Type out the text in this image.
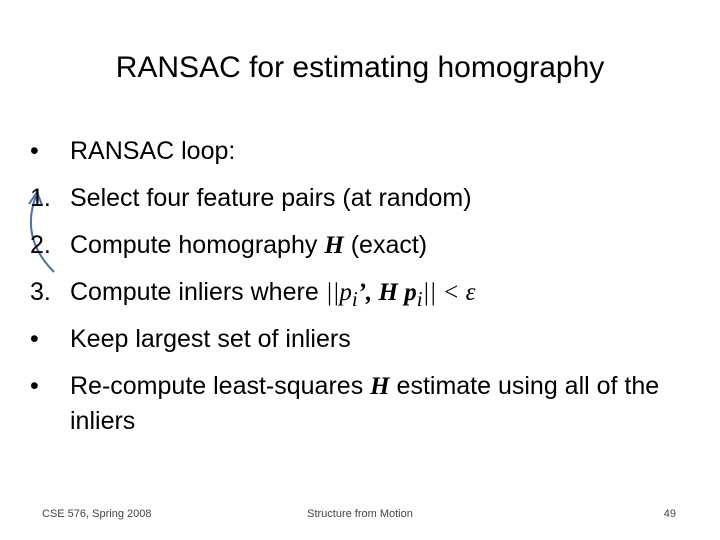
RANSAC for estimating homography
•	RANSAC loop:
1. Select four feature pairs (at random)
2. Compute homography H (exact)
3. Compute inliers where $||p_i$’, H $p_i|| < \varepsilon$
•	Keep largest set of inliers
•	Re-compute least-squares H estimate using all of the inliers
CSE 576, Spring 2008	Structure from Motion	49
